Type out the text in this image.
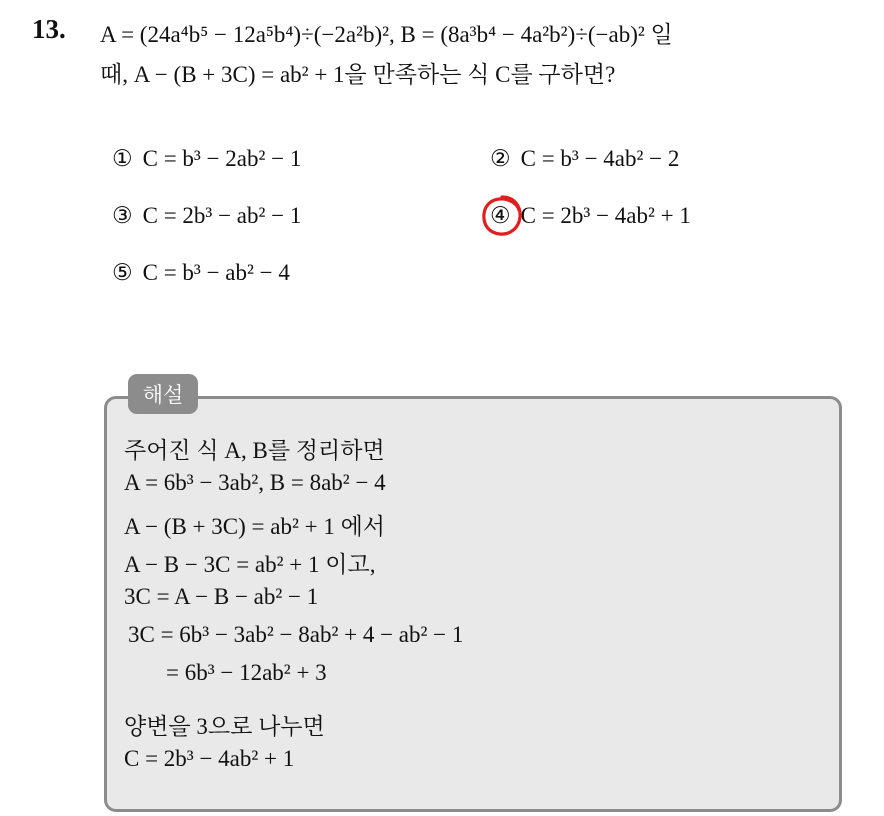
13. A = (24a⁴b⁵ − 12a⁵b⁴)÷(−2a²b)², B = (8a³b⁴ − 4a²b²)÷(−ab)² 일
때, A − (B + 3C) = ab² + 1을 만족하는 식 C를 구하면?
① C = b³ − 2ab² − 1	② C = b³ − 4ab² − 2
③ C = 2b³ − ab² − 1	④ C = 2b³ − 4ab² + 1
⑤ C = b³ − ab² − 4
해설
주어진 식 A, B를 정리하면
A = 6b³ − 3ab², B = 8ab² − 4
A − (B + 3C) = ab² + 1 에서
A − B − 3C = ab² + 1 이고,
3C = A − B − ab² − 1
3C = 6b³ − 3ab² − 8ab² + 4 − ab² − 1
= 6b³ − 12ab² + 3
양변을 3으로 나누면
C = 2b³ − 4ab² + 1
